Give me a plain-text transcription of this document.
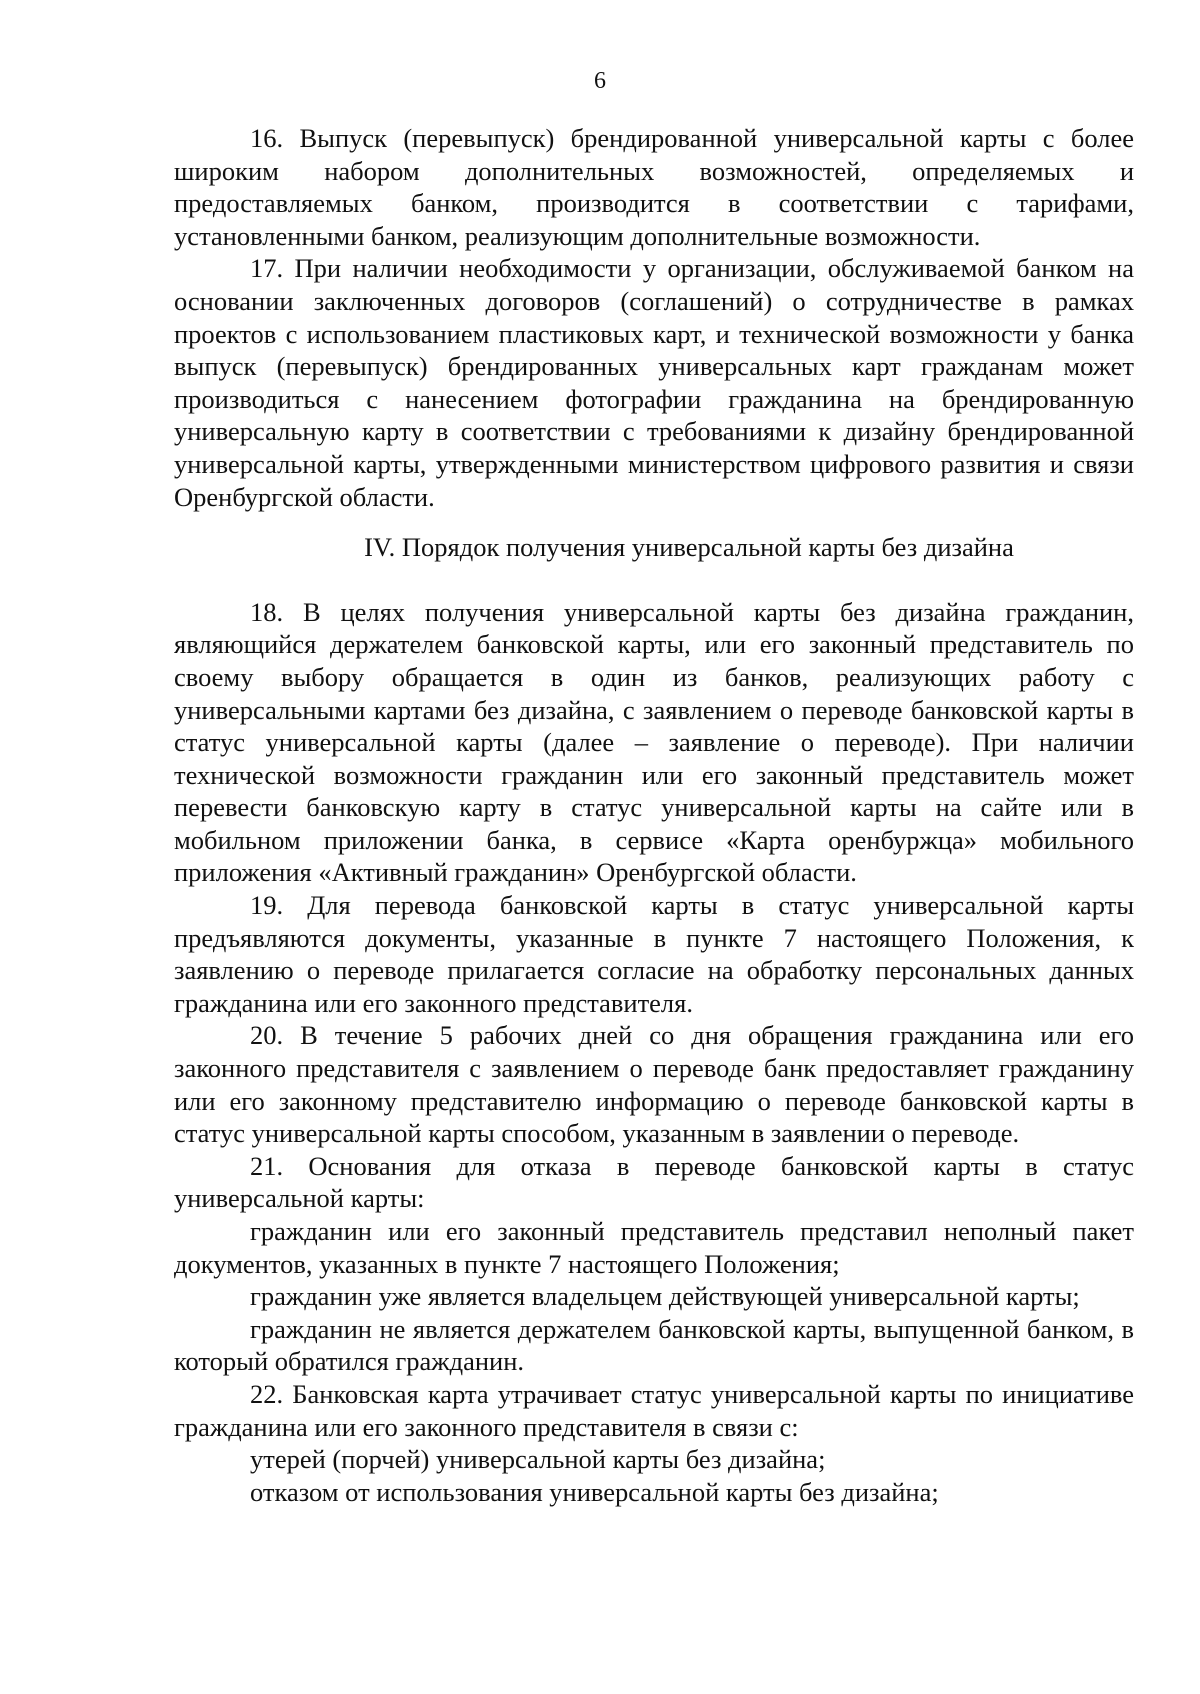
6

16. Выпуск (перевыпуск) брендированной универсальной карты с более широким набором дополнительных возможностей, определяемых и предоставляемых банком, производится в соответствии с тарифами, установленными банком, реализующим дополнительные возможности.

17. При наличии необходимости у организации, обслуживаемой банком на основании заключенных договоров (соглашений) о сотрудничестве в рамках проектов с использованием пластиковых карт, и технической возможности у банка выпуск (перевыпуск) брендированных универсальных карт гражданам может производиться с нанесением фотографии гражданина на брендированную универсальную карту в соответствии с требованиями к дизайну брендированной универсальной карты, утвержденными министерством цифрового развития и связи Оренбургской области.

IV. Порядок получения универсальной карты без дизайна

18. В целях получения универсальной карты без дизайна гражданин, являющийся держателем банковской карты, или его законный представитель по своему выбору обращается в один из банков, реализующих работу с универсальными картами без дизайна, с заявлением о переводе банковской карты в статус универсальной карты (далее – заявление о переводе). При наличии технической возможности гражданин или его законный представитель может перевести банковскую карту в статус универсальной карты на сайте или в мобильном приложении банка, в сервисе «Карта оренбуржца» мобильного приложения «Активный гражданин» Оренбургской области.

19. Для перевода банковской карты в статус универсальной карты предъявляются документы, указанные в пункте 7 настоящего Положения, к заявлению о переводе прилагается согласие на обработку персональных данных гражданина или его законного представителя.

20. В течение 5 рабочих дней со дня обращения гражданина или его законного представителя с заявлением о переводе банк предоставляет гражданину или его законному представителю информацию о переводе банковской карты в статус универсальной карты способом, указанным в заявлении о переводе.

21. Основания для отказа в переводе банковской карты в статус универсальной карты:

гражданин или его законный представитель представил неполный пакет документов, указанных в пункте 7 настоящего Положения;

гражданин уже является владельцем действующей универсальной карты;

гражданин не является держателем банковской карты, выпущенной банком, в который обратился гражданин.

22. Банковская карта утрачивает статус универсальной карты по инициативе гражданина или его законного представителя в связи с:

утерей (порчей) универсальной карты без дизайна;

отказом от использования универсальной карты без дизайна;
